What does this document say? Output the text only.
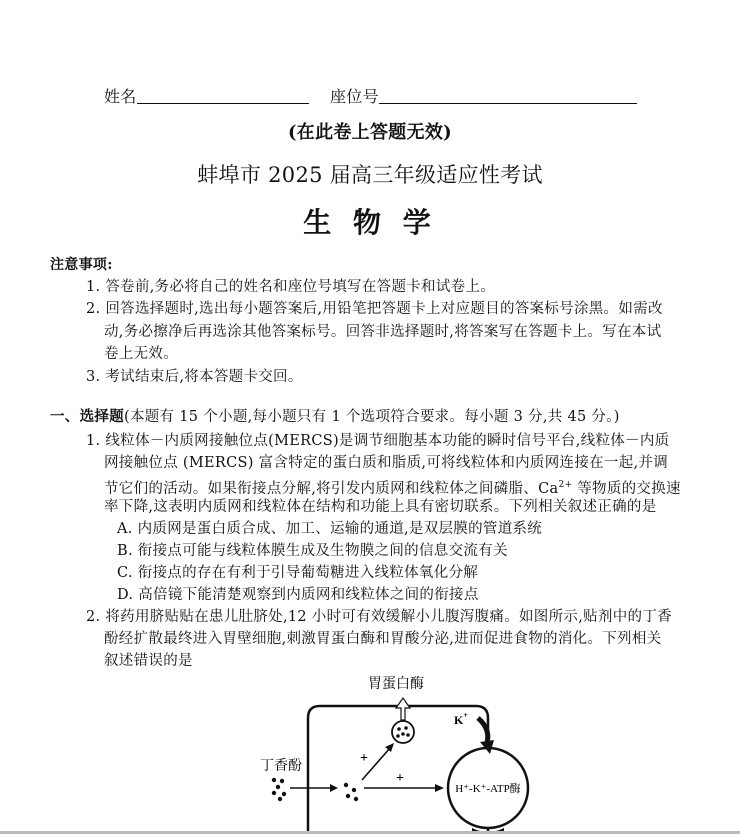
姓名	座位号
(在此卷上答题无效)
蚌埠市 2025 届高三年级适应性考试
生 物 学
注意事项:
1. 答卷前,务必将自己的姓名和座位号填写在答题卡和试卷上。
2. 回答选择题时,选出每小题答案后,用铅笔把答题卡上对应题目的答案标号涂黑。如需改
动,务必擦净后再选涂其他答案标号。回答非选择题时,将答案写在答题卡上。写在本试
卷上无效。
3. 考试结束后,将本答题卡交回。
一、选择题(本题有 15 个小题,每小题只有 1 个选项符合要求。每小题 3 分,共 45 分。)
1. 线粒体－内质网接触位点(MERCS)是调节细胞基本功能的瞬时信号平台,线粒体－内质
网接触位点 (MERCS) 富含特定的蛋白质和脂质,可将线粒体和内质网连接在一起,并调
节它们的活动。如果衔接点分解,将引发内质网和线粒体之间磷脂、$Ca^{2+}$ 等物质的交换速
率下降,这表明内质网和线粒体在结构和功能上具有密切联系。下列相关叙述正确的是
A. 内质网是蛋白质合成、加工、运输的通道,是双层膜的管道系统
B. 衔接点可能与线粒体膜生成及生物膜之间的信息交流有关
C. 衔接点的存在有利于引导葡萄糖进入线粒体氧化分解
D. 高倍镜下能清楚观察到内质网和线粒体之间的衔接点
2. 将药用脐贴贴在患儿肚脐处,12 小时可有效缓解小儿腹泻腹痛。如图所示,贴剂中的丁香
酚经扩散最终进入胃壁细胞,刺激胃蛋白酶和胃酸分泌,进而促进食物的消化。下列相关
叙述错误的是
胃蛋白酶
丁香酚
K+
+
+
H⁺-K⁺-ATP酶
